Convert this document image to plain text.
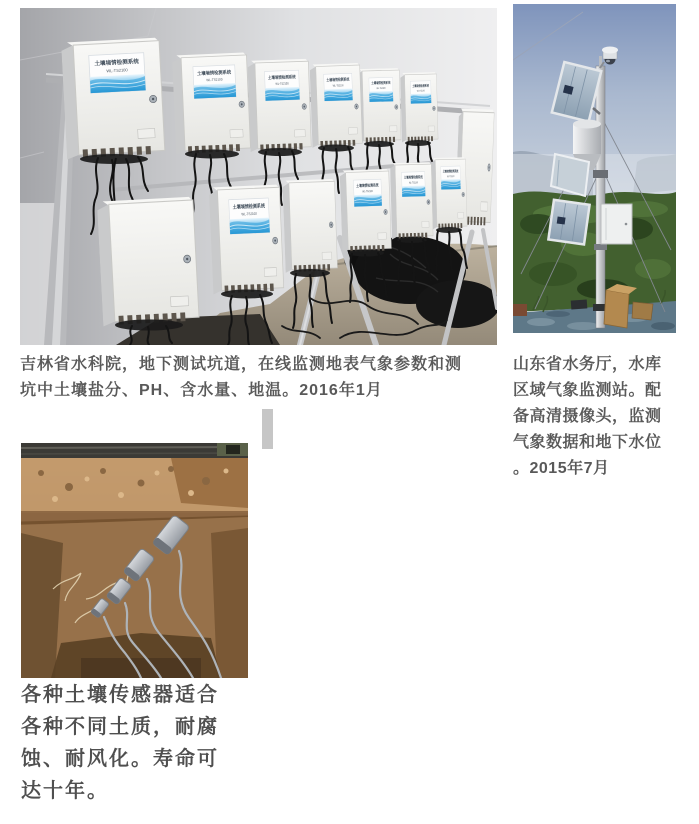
吉林省水科院，地下测试坑道，在线监测地表气象参数和测
坑中土壤盐分、PH、含水量、地温。2016年1月
山东省水务厅，水库
区域气象监测站。配
备高清摄像头，监测
气象数据和地下水位
。2015年7月
各种土壤传感器适合
各种不同土质，耐腐
蚀、耐风化。寿命可
达十年。
